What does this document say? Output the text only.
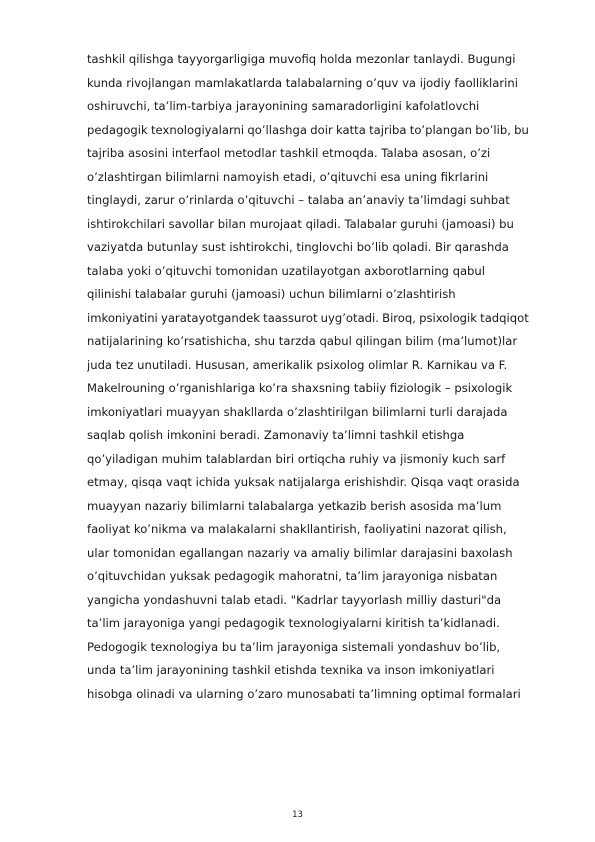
tashkil qilishga tayyorgarligiga muvofiq holda mezonlar tanlaydi. Bugungi
kunda rivojlangan mamlakatlarda talabalarning o’quv va ijodiy faolliklarini
oshiruvchi, ta’lim-tarbiya jarayonining samaradorligini kafolatlovchi
pedagogik texnologiyalarni qo’llashga doir katta tajriba to’plangan bo’lib, bu
tajriba asosini interfaol metodlar tashkil etmoqda. Talaba asosan, o’zi
o’zlashtirgan bilimlarni namoyish etadi, o’qituvchi esa uning fikrlarini
tinglaydi, zarur o’rinlarda o’qituvchi – talaba an’anaviy ta’limdagi suhbat
ishtirokchilari savollar bilan murojaat qiladi. Talabalar guruhi (jamoasi) bu
vaziyatda butunlay sust ishtirokchi, tinglovchi bo’lib qoladi. Bir qarashda
talaba yoki o’qituvchi tomonidan uzatilayotgan axborotlarning qabul
qilinishi talabalar guruhi (jamoasi) uchun bilimlarni o’zlashtirish
imkoniyatini yaratayotgandek taassurot uyg’otadi. Biroq, psixologik tadqiqot
natijalarining ko’rsatishicha, shu tarzda qabul qilingan bilim (ma’lumot)lar
juda tez unutiladi. Hususan, amerikalik psixolog olimlar R. Karnikau va F.
Makelrouning o’rganishlariga ko’ra shaxsning tabiiy fiziologik – psixologik
imkoniyatlari muayyan shakllarda o’zlashtirilgan bilimlarni turli darajada
saqlab qolish imkonini beradi. Zamonaviy ta’limni tashkil etishga
qo’yiladigan muhim talablardan biri ortiqcha ruhiy va jismoniy kuch sarf
etmay, qisqa vaqt ichida yuksak natijalarga erishishdir. Qisqa vaqt orasida
muayyan nazariy bilimlarni talabalarga yetkazib berish asosida ma’lum
faoliyat ko’nikma va malakalarni shakllantirish, faoliyatini nazorat qilish,
ular tomonidan egallangan nazariy va amaliy bilimlar darajasini baxolash
o’qituvchidan yuksak pedagogik mahoratni, ta’lim jarayoniga nisbatan
yangicha yondashuvni talab etadi. "Kadrlar tayyorlash milliy dasturi"da
ta’lim jarayoniga yangi pedagogik texnologiyalarni kiritish ta’kidlanadi.
Pedogogik texnologiya bu ta’lim jarayoniga sistemali yondashuv bo’lib,
unda ta’lim jarayonining tashkil etishda texnika va inson imkoniyatlari
hisobga olinadi va ularning o’zaro munosabati ta’limning optimal formalari
13
